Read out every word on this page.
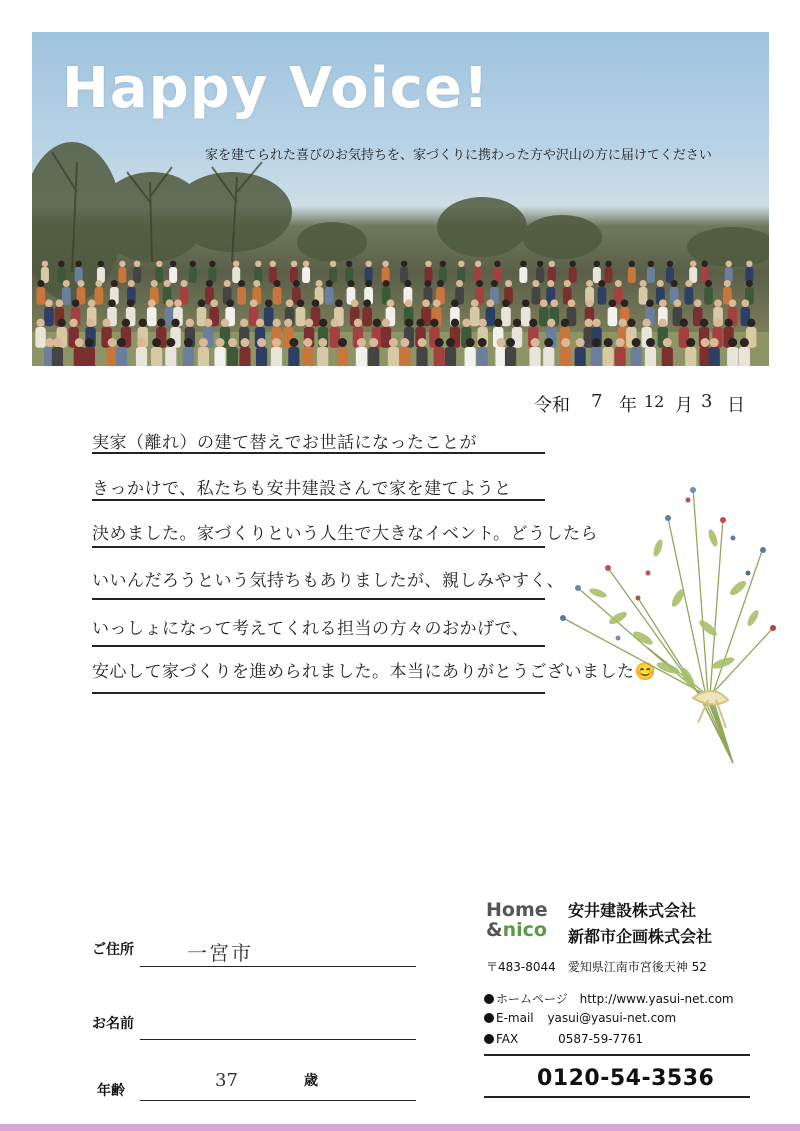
Happy Voice!
家を建てられた喜びのお気持ちを、家づくりに携わった方や沢山の方に届けてください
令和 7 年 12 月 3 日
実家（離れ）の建て替えでお世話になったことが
きっかけで、私たちも安井建設さんで家を建てようと
決めました。家づくりという人生で大きなイベント。どうしたら
いいんだろうという気持ちもありましたが、親しみやすく、
いっしょになって考えてくれる担当の方々のおかげで、
安心して家づくりを進められました。本当にありがとうございました😊
Home
&nico
安井建設株式会社
新都市企画株式会社
〒483-8044　愛知県江南市宮後天神 52
ホームページ http://www.yasui-net.com
E-mail yasui@yasui-net.com
FAX	0587-59-7761
0120-54-3536
ご住所	一宮市
お名前
年齢	37	歳
